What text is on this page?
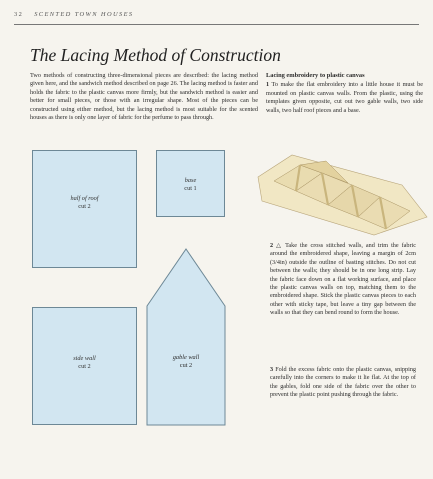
32 SCENTED TOWN HOUSES
The Lacing Method of Construction
Two methods of constructing three-dimensional pieces are described: the lacing method given here, and the sandwich method described on page 26. The lacing method is faster and holds the fabric to the plastic canvas more firmly, but the sandwich method is easier and better for small pieces, or those with an irregular shape. Most of the pieces can be constructed using either method, but the lacing method is most suitable for the scented houses as there is only one layer of fabric for the perfume to pass through.
half of roof
cut 2
base
cut 1
side wall
cut 2
gable wall
cut 2
Lacing embroidery to plastic canvas

1 To make the flat embroidery into a little house it must be mounted on plastic canvas walls. From the plastic, using the templates given opposite, cut out two gable walls, two side walls, two half roof pieces and a base.

2 △ Take the cross stitched walls, and trim the fabric around the embroidered shape, leaving a margin of 2cm (3/4in) outside the outline of basting stitches. Do not cut between the walls; they should be in one long strip. Lay the fabric face down on a flat working surface, and place the plastic canvas walls on top, matching them to the embroidered shape. Stick the plastic canvas pieces to each other with sticky tape, but leave a tiny gap between the walls so that they can bend round to form the house.

3 Fold the excess fabric onto the plastic canvas, snipping carefully into the corners to make it lie flat. At the top of the gables, fold one side of the fabric over the other to prevent the plastic point pushing through the fabric.
